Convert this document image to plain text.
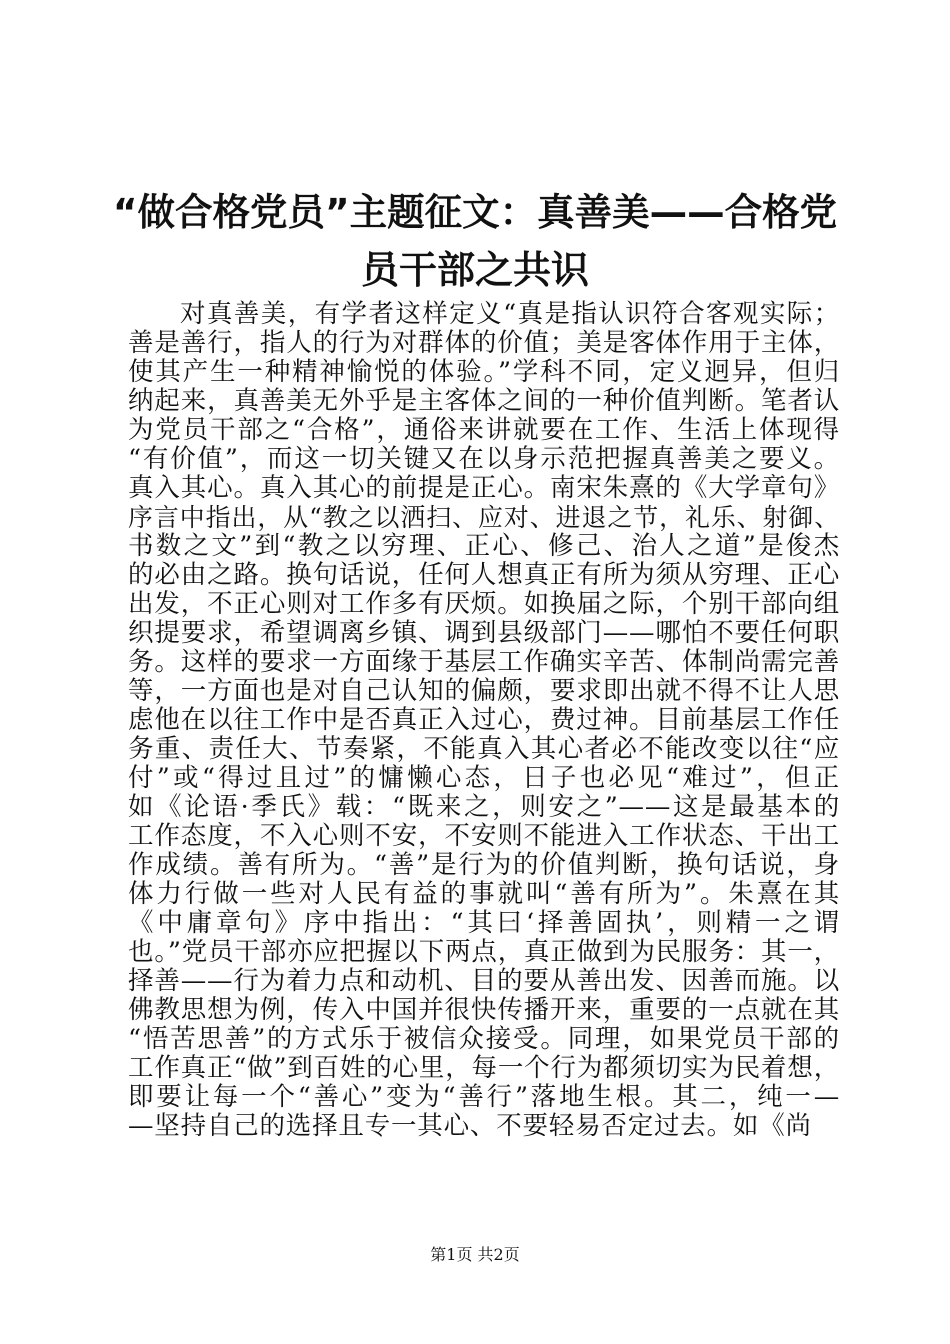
“做合格党员”主题征文：真善美——合格党
员干部之共识
对真善美，有学者这样定义“真是指认识符合客观实际；
善是善行，指人的行为对群体的价值；美是客体作用于主体，
使其产生一种精神愉悦的体验。”学科不同，定义迥异，但归
纳起来，真善美无外乎是主客体之间的一种价值判断。笔者认
为党员干部之“合格”，通俗来讲就要在工作、生活上体现得
“有价值”，而这一切关键又在以身示范把握真善美之要义。
真入其心。真入其心的前提是正心。南宋朱熹的《大学章句》
序言中指出，从“教之以洒扫、应对、进退之节，礼乐、射御、
书数之文”到“教之以穷理、正心、修己、治人之道”是俊杰
的必由之路。换句话说，任何人想真正有所为须从穷理、正心
出发，不正心则对工作多有厌烦。如换届之际，个别干部向组
织提要求，希望调离乡镇、调到县级部门——哪怕不要任何职
务。这样的要求一方面缘于基层工作确实辛苦、体制尚需完善
等，一方面也是对自己认知的偏颇，要求即出就不得不让人思
虑他在以往工作中是否真正入过心，费过神。目前基层工作任
务重、责任大、节奏紧，不能真入其心者必不能改变以往“应
付”或“得过且过”的慵懒心态，日子也必见“难过”，但正
如《论语·季氏》载：“既来之，则安之”——这是最基本的
工作态度，不入心则不安，不安则不能进入工作状态、干出工
作成绩。善有所为。“善”是行为的价值判断，换句话说，身
体力行做一些对人民有益的事就叫“善有所为”。朱熹在其
《中庸章句》序中指出：“其曰‘择善固执’，则精一之谓
也。”党员干部亦应把握以下两点，真正做到为民服务：其一，
择善——行为着力点和动机、目的要从善出发、因善而施。以
佛教思想为例，传入中国并很快传播开来，重要的一点就在其
“悟苦思善”的方式乐于被信众接受。同理，如果党员干部的
工作真正“做”到百姓的心里，每一个行为都须切实为民着想，
即要让每一个“善心”变为“善行”落地生根。其二，纯一—
—坚持自己的选择且专一其心、不要轻易否定过去。如《尚
第1页 共2页
